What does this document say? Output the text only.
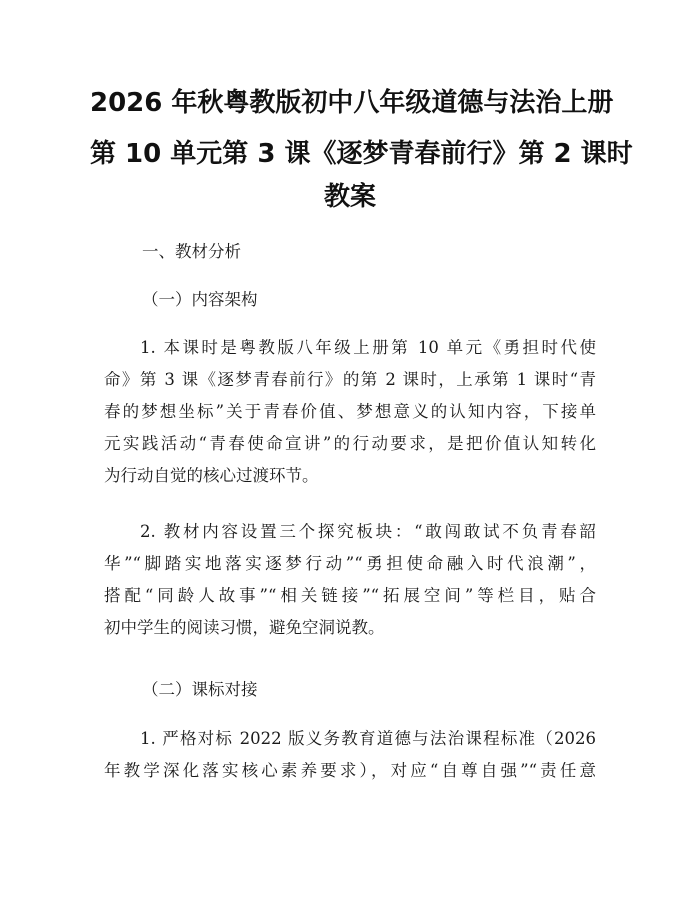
2026 年秋粤教版初中八年级道德与法治上册
第 10 单元第 3 课《逐梦青春前行》第 2 课时
教案
一、教材分析
（一）内容架构
1. 本课时是粤教版八年级上册第 10 单元《勇担时代使
命》第 3 课《逐梦青春前行》的第 2 课时，上承第 1 课时“青
春的梦想坐标”关于青春价值、梦想意义的认知内容，下接单
元实践活动“青春使命宣讲”的行动要求，是把价值认知转化
为行动自觉的核心过渡环节。
2. 教材内容设置三个探究板块：“敢闯敢试不负青春韶
华”“脚踏实地落实逐梦行动”“勇担使命融入时代浪潮”，
搭配“同龄人故事”“相关链接”“拓展空间”等栏目，贴合
初中学生的阅读习惯，避免空洞说教。
（二）课标对接
1. 严格对标 2022 版义务教育道德与法治课程标准（2026
年教学深化落实核心素养要求），对应“自尊自强”“责任意
